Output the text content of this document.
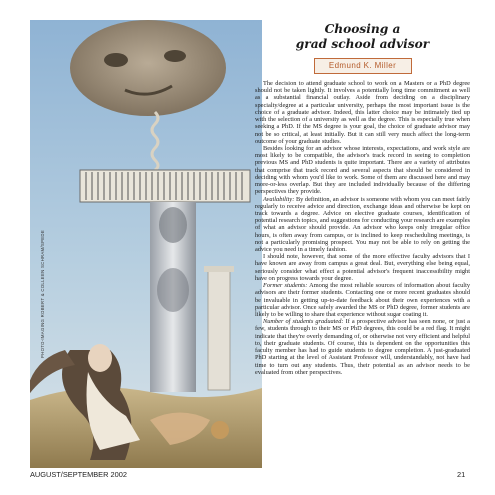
PHOTO-IMAGING ROBERT & COLLEEN SCHRAM/SPEDE
Choosing a
grad school advisor
Edmund K. Miller

The decision to attend graduate school to work on a Masters or a PhD degree should not be taken lightly. It involves a potentially long time commitment as well as a substantial financial outlay. Aside from deciding on a disciplinary specialty/degree at a particular university, perhaps the most important issue is the choice of a graduate advisor. Indeed, this latter choice may be intimately tied up with the selection of a university as well as the degree. This is especially true when seeking a PhD. If the MS degree is your goal, the choice of graduate advisor may not be so critical, at least initially. But it can still very much affect the long-term outcome of your graduate studies.

Besides looking for an advisor whose interests, expectations, and work style are most likely to be compatible, the advisor's track record in seeing to completion previous MS and PhD students is quite important. There are a variety of attributes that comprise that track record and several aspects that should be considered in deciding with whom you'd like to work. Some of them are discussed here and may more-or-less overlap. But they are included individually because of the differing perspectives they provide.

Availability: By definition, an advisor is someone with whom you can meet fairly regularly to receive advice and direction, exchange ideas and otherwise be kept on track towards a degree. Advice on elective graduate courses, identification of potential research topics, and suggestions for conducting your research are examples of what an advisor should provide. An advisor who keeps only irregular office hours, is often away from campus, or is inclined to keep rescheduling meetings, is not a particularly promising prospect. You may not be able to rely on getting the advice you need in a timely fashion.

I should note, however, that some of the more effective faculty advisors that I have known are away from campus a great deal. But, everything else being equal, seriously consider what effect a potential advisor's frequent inaccessibility might have on progress towards your degree.

Former students: Among the most reliable sources of information about faculty advisors are their former students. Contacting one or more recent graduates should be invaluable in getting up-to-date feedback about their own experiences with a particular advisor. Once safely awarded the MS or PhD degree, former students are likely to be willing to share that experience without sugar coating it.

Number of students graduated: If a prospective advisor has seen none, or just a few, students through to their MS or PhD degrees, this could be a red flag. It might indicate that they're overly demanding of, or otherwise not very efficient and helpful to, their graduate students. Of course, this is dependent on the opportunities this faculty member has had to guide students to degree completion. A just-graduated PhD starting at the level of Assistant Professor will, understandably, not have had time to turn out any students. Thus, their potential as an advisor needs to be evaluated from other perspectives.

AUGUST/SEPTEMBER 2002	21
